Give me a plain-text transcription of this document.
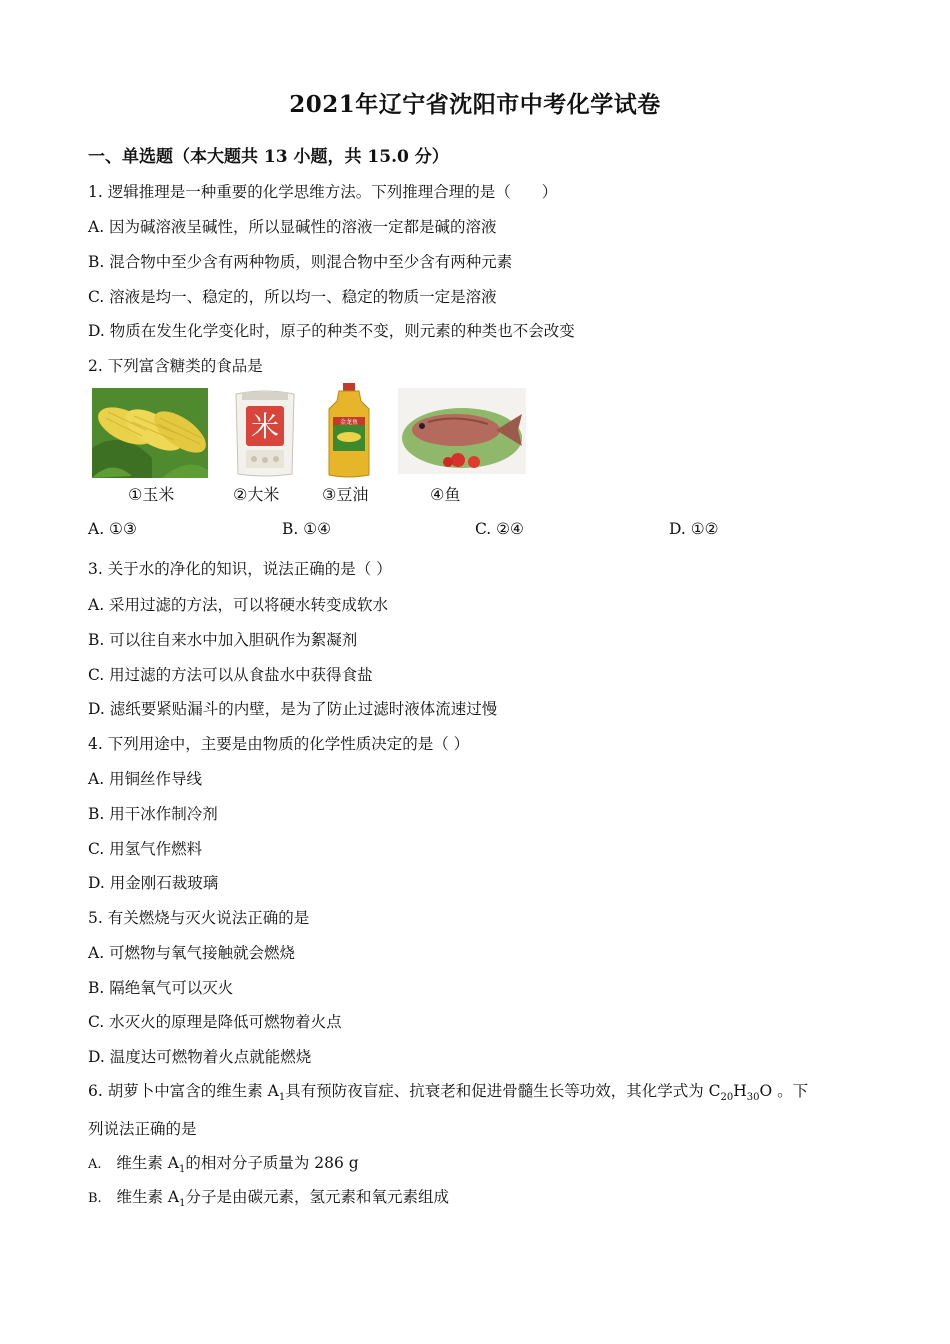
2021年辽宁省沈阳市中考化学试卷
一、单选题（本大题共 13 小题，共 15.0 分）
1. 逻辑推理是一种重要的化学思维方法。下列推理合理的是（　　）
A. 因为碱溶液呈碱性，所以显碱性的溶液一定都是碱的溶液
B. 混合物中至少含有两种物质，则混合物中至少含有两种元素
C. 溶液是均一、稳定的，所以均一、稳定的物质一定是溶液
D. 物质在发生化学变化时，原子的种类不变，则元素的种类也不会改变
2. 下列富含糖类的食品是
米	金龙鱼
①玉米	②大米	③豆油	④鱼
A. ①③	B. ①④	C. ②④	D. ①②
3. 关于水的净化的知识，说法正确的是（ ）
A. 采用过滤的方法，可以将硬水转变成软水
B. 可以往自来水中加入胆矾作为絮凝剂
C. 用过滤的方法可以从食盐水中获得食盐
D. 滤纸要紧贴漏斗的内壁，是为了防止过滤时液体流速过慢
4. 下列用途中，主要是由物质的化学性质决定的是（ ）
A. 用铜丝作导线
B. 用干冰作制冷剂
C. 用氢气作燃料
D. 用金刚石裁玻璃
5. 有关燃烧与灭火说法正确的是
A. 可燃物与氧气接触就会燃烧
B. 隔绝氧气可以灭火
C. 水灭火的原理是降低可燃物着火点
D. 温度达可燃物着火点就能燃烧
6. 胡萝卜中富含的维生素 $A_1$具有预防夜盲症、抗衰老和促进骨髓生长等功效，其化学式为 $C_{20}H_{30}O$ 。下
列说法正确的是
A. 维生素 $A_1$的相对分子质量为 286 g
B. 维生素 $A_1$分子是由碳元素，氢元素和氧元素组成
